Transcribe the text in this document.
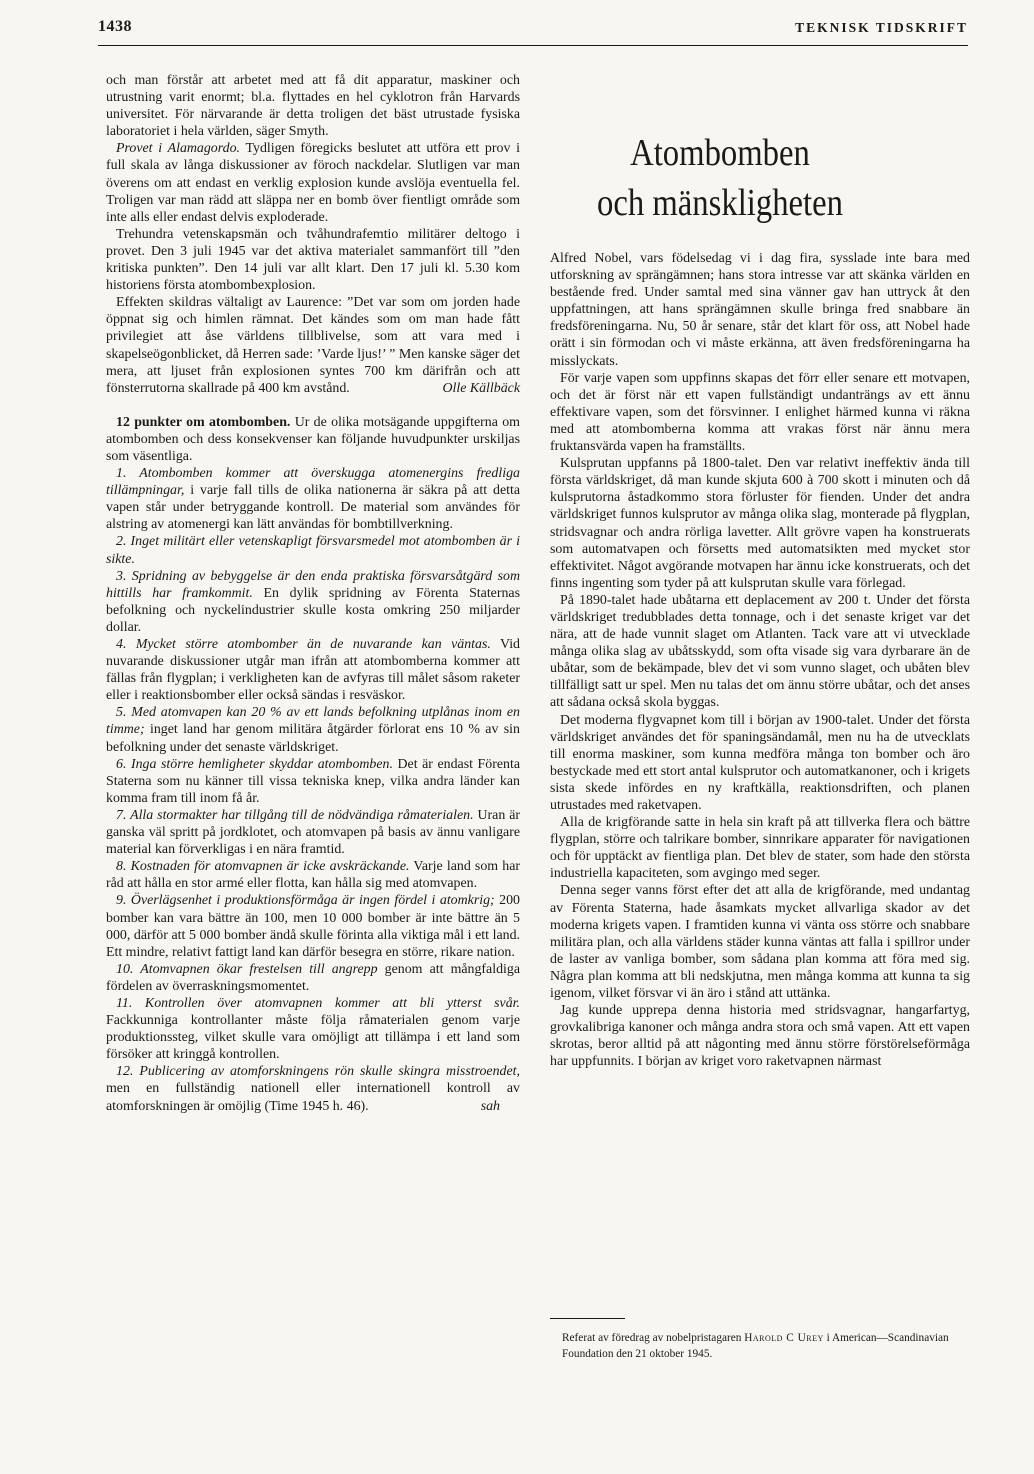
1438	TEKNISK TIDSKRIFT

och man förstår att arbetet med att få dit apparatur, maskiner och utrustning varit enormt; bl.a. flyttades en hel cyklotron från Harvards universitet. För närvarande är detta troligen det bäst utrustade fysiska laboratoriet i hela världen, säger Smyth.

Provet i Alamagordo. Tydligen föregicks beslutet att utföra ett prov i full skala av långa diskussioner av föroch nackdelar. Slutligen var man överens om att endast en verklig explosion kunde avslöja eventuella fel. Troligen var man rädd att släppa ner en bomb över fientligt område som inte alls eller endast delvis exploderade.

Trehundra vetenskapsmän och tvåhundrafemtio militärer deltogo i provet. Den 3 juli 1945 var det aktiva materialet sammanfört till ”den kritiska punkten”. Den 14 juli var allt klart. Den 17 juli kl. 5.30 kom historiens första atombombexplosion.

Effekten skildras vältaligt av Laurence: ”Det var som om jorden hade öppnat sig och himlen rämnat. Det kändes som om man hade fått privilegiet att åse världens tillblivelse, som att vara med i skapelseögonblicket, då Herren sade: ’Varde ljus!’ ” Men kanske säger det mera, att ljuset från explosionen syntes 700 km därifrån och att fönsterrutorna skallrade på 400 km avstånd.	Olle Källbäck

12 punkter om atombomben. Ur de olika motsägande uppgifterna om atombomben och dess konsekvenser kan följande huvudpunkter urskiljas som väsentliga.

1. Atombomben kommer att överskugga atomenergins fredliga tillämpningar, i varje fall tills de olika nationerna är säkra på att detta vapen står under betryggande kontroll. De material som användes för alstring av atomenergi kan lätt användas för bombtillverkning.

2. Inget militärt eller vetenskapligt försvarsmedel mot atombomben är i sikte.

3. Spridning av bebyggelse är den enda praktiska försvarsåtgärd som hittills har framkommit. En dylik spridning av Förenta Staternas befolkning och nyckelindustrier skulle kosta omkring 250 miljarder dollar.

4. Mycket större atombomber än de nuvarande kan väntas. Vid nuvarande diskussioner utgår man ifrån att atombomberna kommer att fällas från flygplan; i verkligheten kan de avfyras till målet såsom raketer eller i reaktionsbomber eller också sändas i resväskor.

5. Med atomvapen kan 20 % av ett lands befolkning utplånas inom en timme; inget land har genom militära åtgärder förlorat ens 10 % av sin befolkning under det senaste världskriget.

6. Inga större hemligheter skyddar atombomben. Det är endast Förenta Staterna som nu känner till vissa tekniska knep, vilka andra länder kan komma fram till inom få år.

7. Alla stormakter har tillgång till de nödvändiga råmaterialen. Uran är ganska väl spritt på jordklotet, och atomvapen på basis av ännu vanligare material kan förverkligas i en nära framtid.

8. Kostnaden för atomvapnen är icke avskräckande. Varje land som har råd att hålla en stor armé eller flotta, kan hålla sig med atomvapen.

9. Överlägsenhet i produktionsförmåga är ingen fördel i atomkrig; 200 bomber kan vara bättre än 100, men 10 000 bomber är inte bättre än 5 000, därför att 5 000 bomber ändå skulle förinta alla viktiga mål i ett land. Ett mindre, relativt fattigt land kan därför besegra en större, rikare nation.

10. Atomvapnen ökar frestelsen till angrepp genom att mångfaldiga fördelen av överraskningsmomentet.

11. Kontrollen över atomvapnen kommer att bli ytterst svår. Fackkunniga kontrollanter måste följa råmaterialen genom varje produktionssteg, vilket skulle vara omöjligt att tillämpa i ett land som försöker att kringgå kontrollen.

12. Publicering av atomforskningens rön skulle skingra misstroendet, men en fullständig nationell eller internationell kontroll av atomforskningen är omöjlig (Time 1945 h. 46).	sah

Atombomben
och mänskligheten

Alfred Nobel, vars födelsedag vi i dag fira, sysslade inte bara med utforskning av sprängämnen; hans stora intresse var att skänka världen en bestående fred. Under samtal med sina vänner gav han uttryck åt den uppfattningen, att hans sprängämnen skulle bringa fred snabbare än fredsföreningarna. Nu, 50 år senare, står det klart för oss, att Nobel hade orätt i sin förmodan och vi måste erkänna, att även fredsföreningarna ha misslyckats.

För varje vapen som uppfinns skapas det förr eller senare ett motvapen, och det är först när ett vapen fullständigt undanträngs av ett ännu effektivare vapen, som det försvinner. I enlighet härmed kunna vi räkna med att atombomberna komma att vrakas först när ännu mera fruktansvärda vapen ha framställts.

Kulsprutan uppfanns på 1800-talet. Den var relativt ineffektiv ända till första världskriget, då man kunde skjuta 600 à 700 skott i minuten och då kulsprutorna åstadkommo stora förluster för fienden. Under det andra världskriget funnos kulsprutor av många olika slag, monterade på flygplan, stridsvagnar och andra rörliga lavetter. Allt grövre vapen ha konstruerats som automatvapen och försetts med automatsikten med mycket stor effektivitet. Något avgörande motvapen har ännu icke konstruerats, och det finns ingenting som tyder på att kulsprutan skulle vara förlegad.

På 1890-talet hade ubåtarna ett deplacement av 200 t. Under det första världskriget tredubblades detta tonnage, och i det senaste kriget var det nära, att de hade vunnit slaget om Atlanten. Tack vare att vi utvecklade många olika slag av ubåtsskydd, som ofta visade sig vara dyrbarare än de ubåtar, som de bekämpade, blev det vi som vunno slaget, och ubåten blev tillfälligt satt ur spel. Men nu talas det om ännu större ubåtar, och det anses att sådana också skola byggas.

Det moderna flygvapnet kom till i början av 1900-talet. Under det första världskriget användes det för spaningsändamål, men nu ha de utvecklats till enorma maskiner, som kunna medföra många ton bomber och äro bestyckade med ett stort antal kulsprutor och automatkanoner, och i krigets sista skede infördes en ny kraftkälla, reaktionsdriften, och planen utrustades med raketvapen.

Alla de krigförande satte in hela sin kraft på att tillverka flera och bättre flygplan, större och talrikare bomber, sinnrikare apparater för navigationen och för upptäckt av fientliga plan. Det blev de stater, som hade den största industriella kapaciteten, som avgingo med seger.

Denna seger vanns först efter det att alla de krigförande, med undantag av Förenta Staterna, hade åsamkats mycket allvarliga skador av det moderna krigets vapen. I framtiden kunna vi vänta oss större och snabbare militära plan, och alla världens städer kunna väntas att falla i spillror under de laster av vanliga bomber, som sådana plan komma att föra med sig. Några plan komma att bli nedskjutna, men många komma att kunna ta sig igenom, vilket försvar vi än äro i stånd att uttänka.

Jag kunde upprepa denna historia med stridsvagnar, hangarfartyg, grovkalibriga kanoner och många andra stora och små vapen. Att ett vapen skrotas, beror alltid på att någonting med ännu större förstörelseförmåga har uppfunnits. I början av kriget voro raketvapnen närmast

Referat av föredrag av nobelpristagaren Harold C Urey i American—Scandinavian Foundation den 21 oktober 1945.
